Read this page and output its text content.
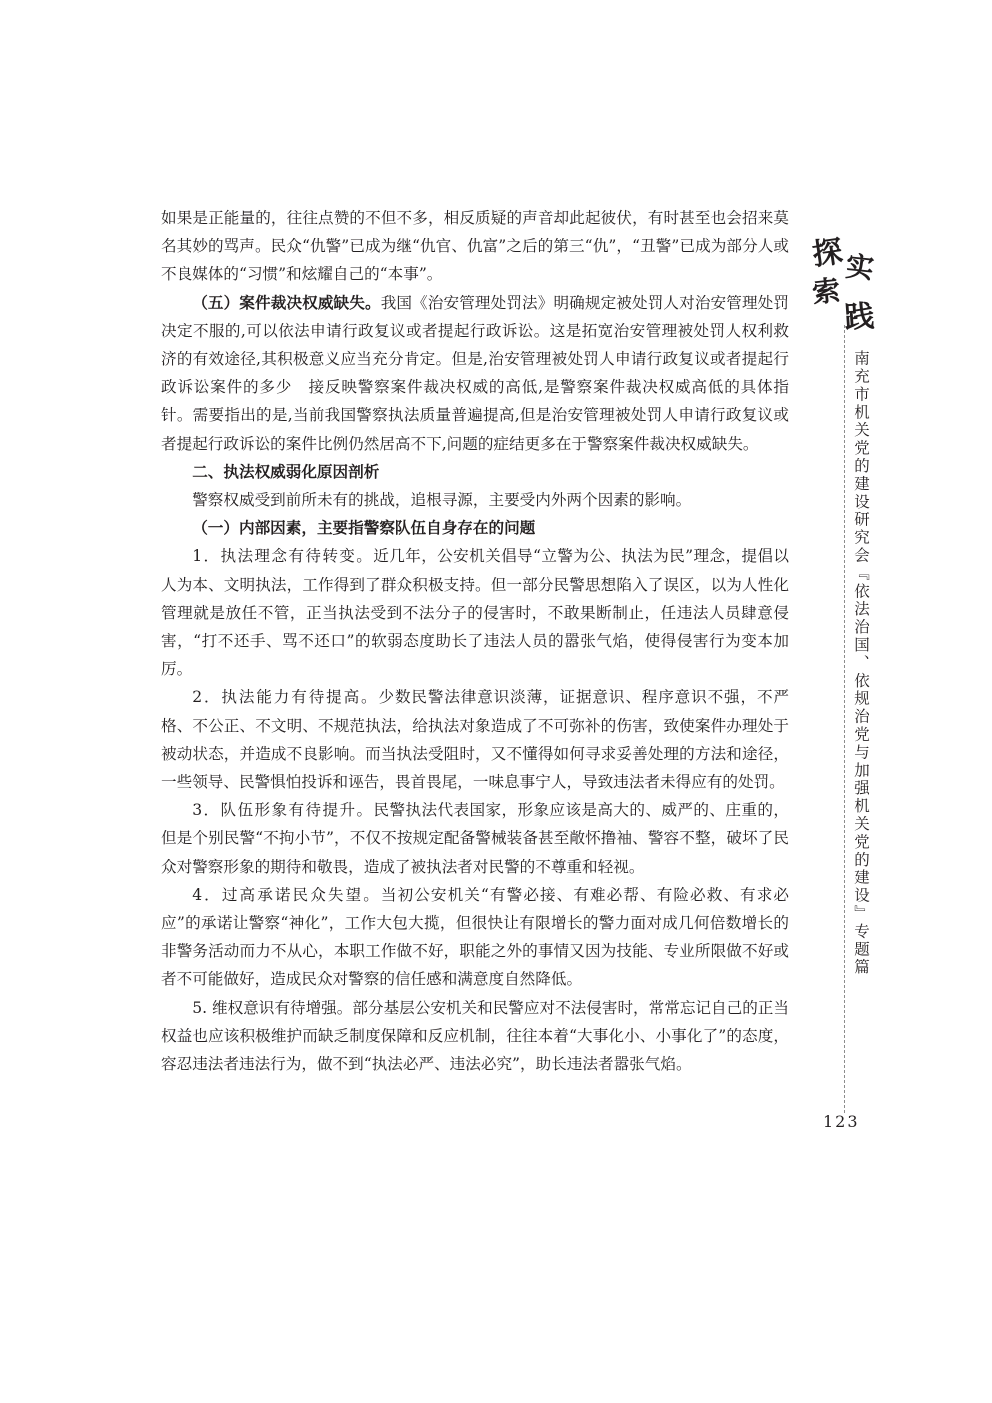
如果是正能量的，往往点赞的不但不多，相反质疑的声音却此起彼伏，有时甚至也会招来莫名其妙的骂声。民众“仇警”已成为继“仇官、仇富”之后的第三“仇”，“丑警”已成为部分人或不良媒体的“习惯”和炫耀自己的“本事”。

（五）案件裁决权威缺失。我国《治安管理处罚法》明确规定被处罚人对治安管理处罚决定不服的,可以依法申请行政复议或者提起行政诉讼。这是拓宽治安管理被处罚人权利救济的有效途径,其积极意义应当充分肯定。但是,治安管理被处罚人申请行政复议或者提起行政诉讼案件的多少　接反映警察案件裁决权威的高低,是警察案件裁决权威高低的具体指针。需要指出的是,当前我国警察执法质量普遍提高,但是治安管理被处罚人申请行政复议或者提起行政诉讼的案件比例仍然居高不下,问题的症结更多在于警察案件裁决权威缺失。

二、执法权威弱化原因剖析

警察权威受到前所未有的挑战，追根寻源，主要受内外两个因素的影响。

（一）内部因素，主要指警察队伍自身存在的问题

1．执法理念有待转变。近几年，公安机关倡导“立警为公、执法为民”理念，提倡以人为本、文明执法，工作得到了群众积极支持。但一部分民警思想陷入了误区，以为人性化管理就是放任不管，正当执法受到不法分子的侵害时，不敢果断制止，任违法人员肆意侵害，“打不还手、骂不还口”的软弱态度助长了违法人员的嚣张气焰，使得侵害行为变本加厉。

2．执法能力有待提高。少数民警法律意识淡薄，证据意识、程序意识不强，不严格、不公正、不文明、不规范执法，给执法对象造成了不可弥补的伤害，致使案件办理处于被动状态，并造成不良影响。而当执法受阻时，又不懂得如何寻求妥善处理的方法和途径，一些领导、民警惧怕投诉和诬告，畏首畏尾，一味息事宁人，导致违法者未得应有的处罚。

3．队伍形象有待提升。民警执法代表国家，形象应该是高大的、威严的、庄重的，但是个别民警“不拘小节”，不仅不按规定配备警械装备甚至敞怀撸袖、警容不整，破坏了民众对警察形象的期待和敬畏，造成了被执法者对民警的不尊重和轻视。

4．过高承诺民众失望。当初公安机关“有警必接、有难必帮、有险必救、有求必应”的承诺让警察“神化”，工作大包大揽，但很快让有限增长的警力面对成几何倍数增长的非警务活动而力不从心，本职工作做不好，职能之外的事情又因为技能、专业所限做不好或者不可能做好，造成民众对警察的信任感和满意度自然降低。

5. 维权意识有待增强。部分基层公安机关和民警应对不法侵害时，常常忘记自己的正当权益也应该积极维护而缺乏制度保障和反应机制，往往本着“大事化小、小事化了”的态度，容忍违法者违法行为，做不到“执法必严、违法必究”，助长违法者嚣张气焰。

探
索
实
践
南充市机关党的建设研究会『依法治国、依规治党与加强机关党的建设』专题篇
123
